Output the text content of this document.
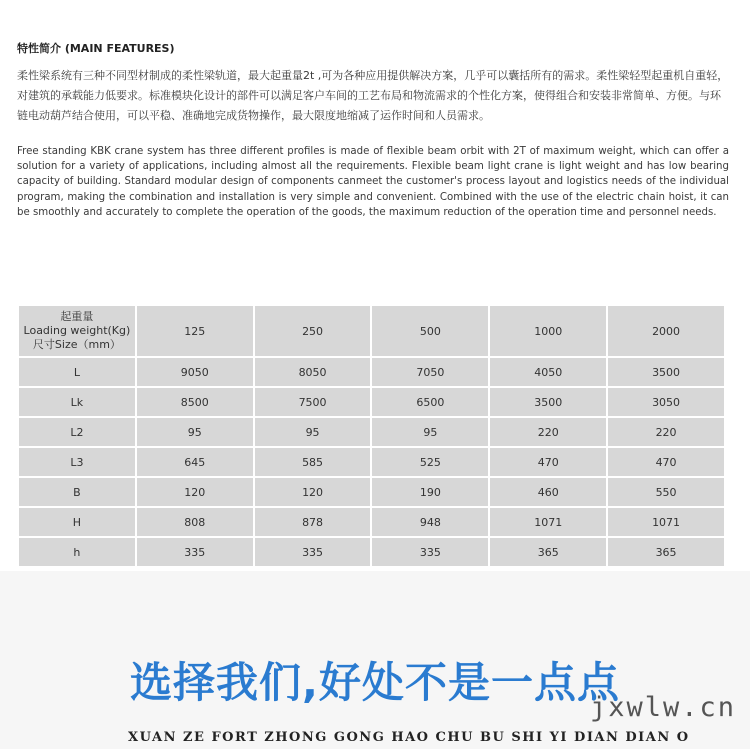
特性简介 (MAIN FEATURES)

柔性梁系统有三种不同型材制成的柔性梁轨道，最大起重量2t ,可为各种应用提供解决方案，几乎可以囊括所有的需求。柔性梁轻型起重机自重轻，对建筑的承载能力低要求。标准模块化设计的部件可以满足客户车间的工艺布局和物流需求的个性化方案，使得组合和安装非常简单、方便。与环链电动葫芦结合使用，可以平稳、准确地完成货物操作，最大限度地缩减了运作时间和人员需求。

Free standing KBK crane system has three different profiles is made of flexible beam orbit with 2T of maximum weight, which can offer a solution for a variety of applications, including almost all the requirements. Flexible beam light crane is light weight and has low bearing capacity of building. Standard modular design of components canmeet the customer's process layout and logistics needs of the individual program, making the combination and installation is very simple and convenient. Combined with the use of the electric chain hoist, it can be smoothly and accurately to complete the operation of the goods, the maximum reduction of the operation time and personnel needs.

起重量
Loading weight(Kg)
尺寸Size（mm）	125	250	500	1000	2000
L	9050	8050	7050	4050	3500
Lk	8500	7500	6500	3500	3050
L2	95	95	95	220	220
L3	645	585	525	470	470
B	120	120	190	460	550
H	808	878	948	1071	1071
h	335	335	335	365	365
选择我们,好处不是一点点
jxwlw.cn
XUAN ZE FORT ZHONG GONG HAO CHU BU SHI YI DIAN DIAN O
